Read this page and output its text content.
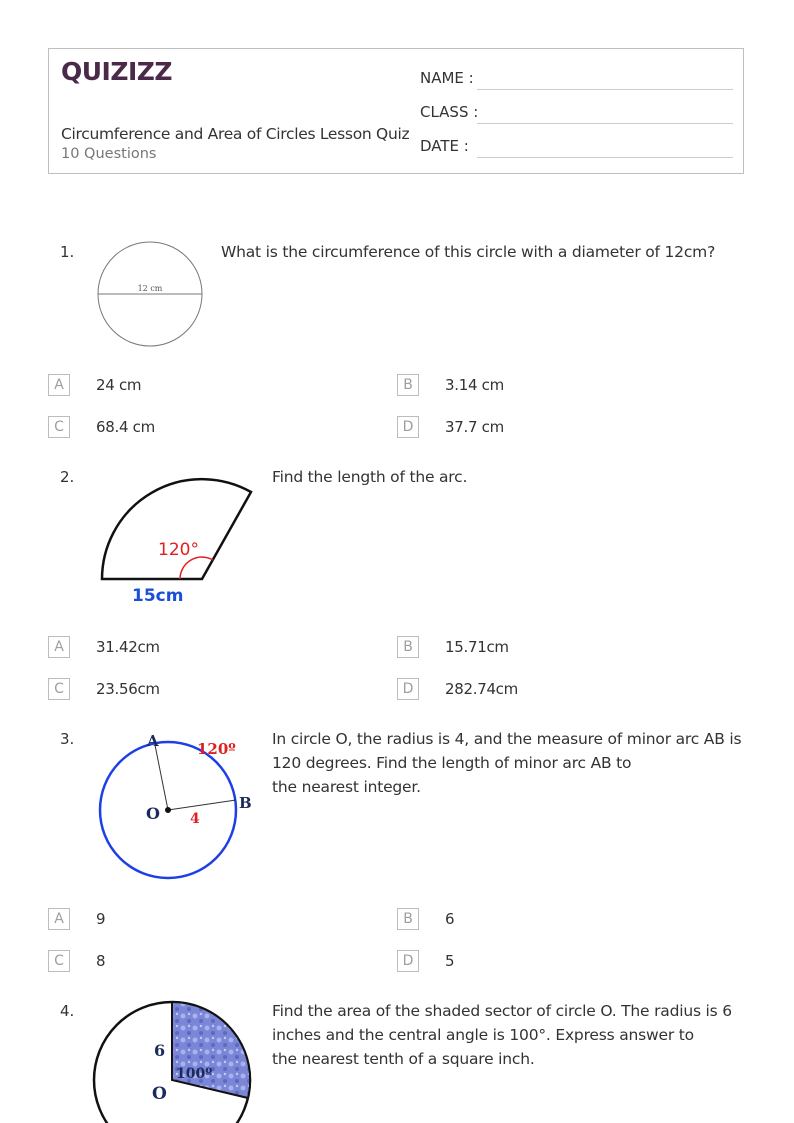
QUIZIZZ
Circumference and Area of Circles Lesson Quiz
10 Questions
NAME :
CLASS :
DATE :
1.
12 cm
What is the circumference of this circle with a diameter of 12cm?
A	24 cm	B	3.14 cm
C	68.4 cm	D	37.7 cm
2.
120°
15cm
Find the length of the arc.
A	31.42cm	B	15.71cm
C	23.56cm	D	282.74cm
3.	A
B
O 4
120º
In circle O, the radius is 4, and the measure of minor arc AB is
120 degrees. Find the length of minor arc AB to
the nearest integer.
A	9	B	6
C	8	D	5
4.
6
100º
O
Find the area of the shaded sector of circle O. The radius is 6
inches and the central angle is 100°. Express answer to
the nearest tenth of a square inch.
